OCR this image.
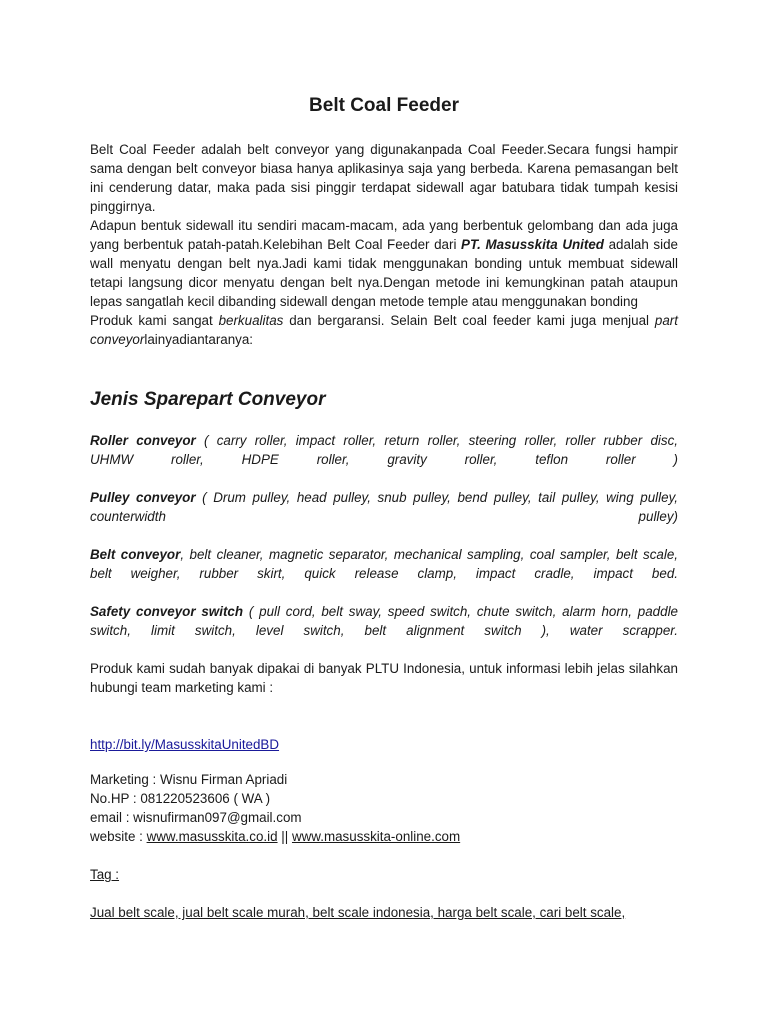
Belt Coal Feeder

Belt Coal Feeder adalah belt conveyor yang digunakanpada Coal Feeder.Secara fungsi hampir sama dengan belt conveyor biasa hanya aplikasinya saja yang berbeda. Karena pemasangan belt ini cenderung datar, maka pada sisi pinggir terdapat sidewall agar batubara tidak tumpah kesisi pinggirnya.

Adapun bentuk sidewall itu sendiri macam-macam, ada yang berbentuk gelombang dan ada juga yang berbentuk patah-patah.Kelebihan Belt Coal Feeder dari PT. Masusskita United adalah side wall menyatu dengan belt nya.Jadi kami tidak menggunakan bonding untuk membuat sidewall tetapi langsung dicor menyatu dengan belt nya.Dengan metode ini kemungkinan patah ataupun lepas sangatlah kecil dibanding sidewall dengan metode temple atau menggunakan bonding

Produk kami sangat berkualitas dan bergaransi. Selain Belt coal feeder kami juga menjual part conveyorlainyadiantaranya:

Jenis Sparepart Conveyor

Roller conveyor ( carry roller, impact roller, return roller, steering roller, roller rubber disc,

UHMW roller, HDPE roller, gravity roller, teflon roller )

Pulley conveyor ( Drum pulley, head pulley, snub pulley, bend pulley, tail pulley, wing pulley,

counterwidth pulley)

Belt conveyor, belt cleaner, magnetic separator, mechanical sampling, coal sampler, belt scale,

belt weigher, rubber skirt, quick release clamp, impact cradle, impact bed.

Safety conveyor switch ( pull cord, belt sway, speed switch, chute switch, alarm horn, paddle

switch, limit switch, level switch, belt alignment switch ), water scrapper.

Produk kami sudah banyak dipakai di banyak PLTU Indonesia, untuk informasi lebih jelas silahkan hubungi team marketing kami :

http://bit.ly/MasusskitaUnitedBD

Marketing : Wisnu Firman Apriadi

No.HP : 081220523606 ( WA )

email : wisnufirman097@gmail.com

website : www.masusskita.co.id || www.masusskita-online.com

Tag :

Jual belt scale, jual belt scale murah, belt scale indonesia, harga belt scale, cari belt scale,
